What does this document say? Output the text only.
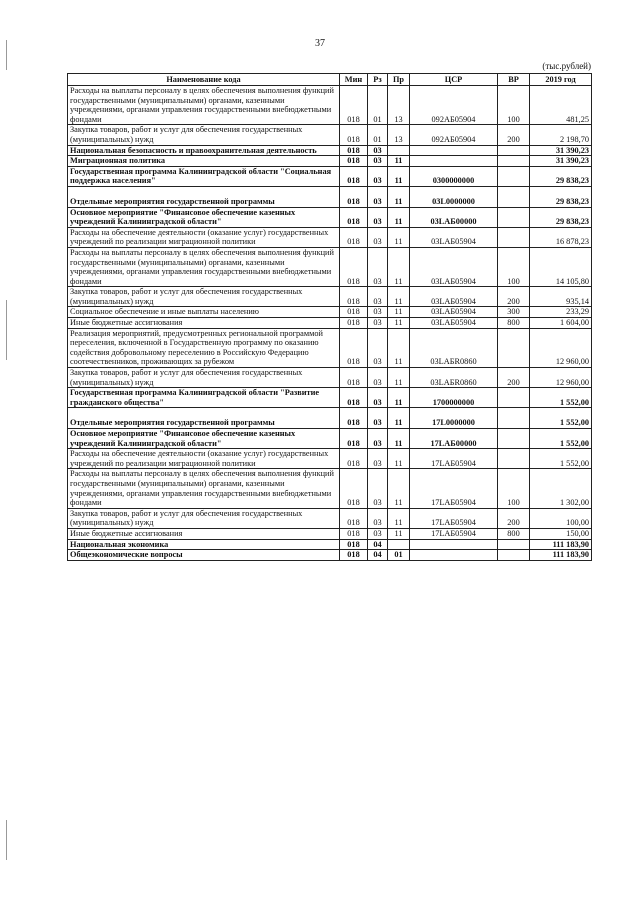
37
(тыс.рублей)
Наименование кода	Мин	Рз	Пр	ЦСР	ВР	2019 год
Расходы на выплаты персоналу в целях обеспечения выполнения функций государственными (муниципальными) органами, казенными учреждениями, органами управления государственными внебюджетными фондами	018	01	13	092AБ05904	100	481,25
Закупка товаров, работ и услуг для обеспечения государственных (муниципальных) нужд	018	01	13	092AБ05904	200	2 198,70
Национальная безопасность и правоохранительная деятельность	018	03				31 390,23
Миграционная политика	018	03	11			31 390,23
Государственная программа Калининградской области "Социальная поддержка населения"	018	03	11	0300000000		29 838,23
Отдельные мероприятия государственной программы	018	03	11	03L0000000		29 838,23
Основное мероприятие "Финансовое обеспечение казенных учреждений Калининградской области"	018	03	11	03LAБ00000		29 838,23
Расходы на обеспечение деятельности (оказание услуг) государственных учреждений по реализации миграционной политики	018	03	11	03LAБ05904		16 878,23
Расходы на выплаты персоналу в целях обеспечения выполнения функций государственными (муниципальными) органами, казенными учреждениями, органами управления государственными внебюджетными фондами	018	03	11	03LAБ05904	100	14 105,80
Закупка товаров, работ и услуг для обеспечения государственных (муниципальных) нужд	018	03	11	03LAБ05904	200	935,14
Социальное обеспечение и иные выплаты населению	018	03	11	03LAБ05904	300	233,29
Иные бюджетные ассигнования	018	03	11	03LAБ05904	800	1 604,00
Реализация мероприятий, предусмотренных региональной программой переселения, включенной в Государственную программу по оказанию содействия добровольному переселению в Российскую Федерацию соотечественников, проживающих за рубежом	018	03	11	03LAБR0860		12 960,00
Закупка товаров, работ и услуг для обеспечения государственных (муниципальных) нужд	018	03	11	03LAБR0860	200	12 960,00
Государственная программа Калининградской области "Развитие гражданского общества"	018	03	11	1700000000		1 552,00
Отдельные мероприятия государственной программы	018	03	11	17L0000000		1 552,00
Основное мероприятие "Финансовое обеспечение казенных учреждений Калининградской области"	018	03	11	17LAБ00000		1 552,00
Расходы на обеспечение деятельности (оказание услуг) государственных учреждений по реализации миграционной политики	018	03	11	17LAБ05904		1 552,00
Расходы на выплаты персоналу в целях обеспечения выполнения функций государственными (муниципальными) органами, казенными учреждениями, органами управления государственными внебюджетными фондами	018	03	11	17LAБ05904	100	1 302,00
Закупка товаров, работ и услуг для обеспечения государственных (муниципальных) нужд	018	03	11	17LAБ05904	200	100,00
Иные бюджетные ассигнования	018	03	11	17LAБ05904	800	150,00
Национальная экономика	018	04				111 183,90
Общеэкономические вопросы	018	04	01			111 183,90
